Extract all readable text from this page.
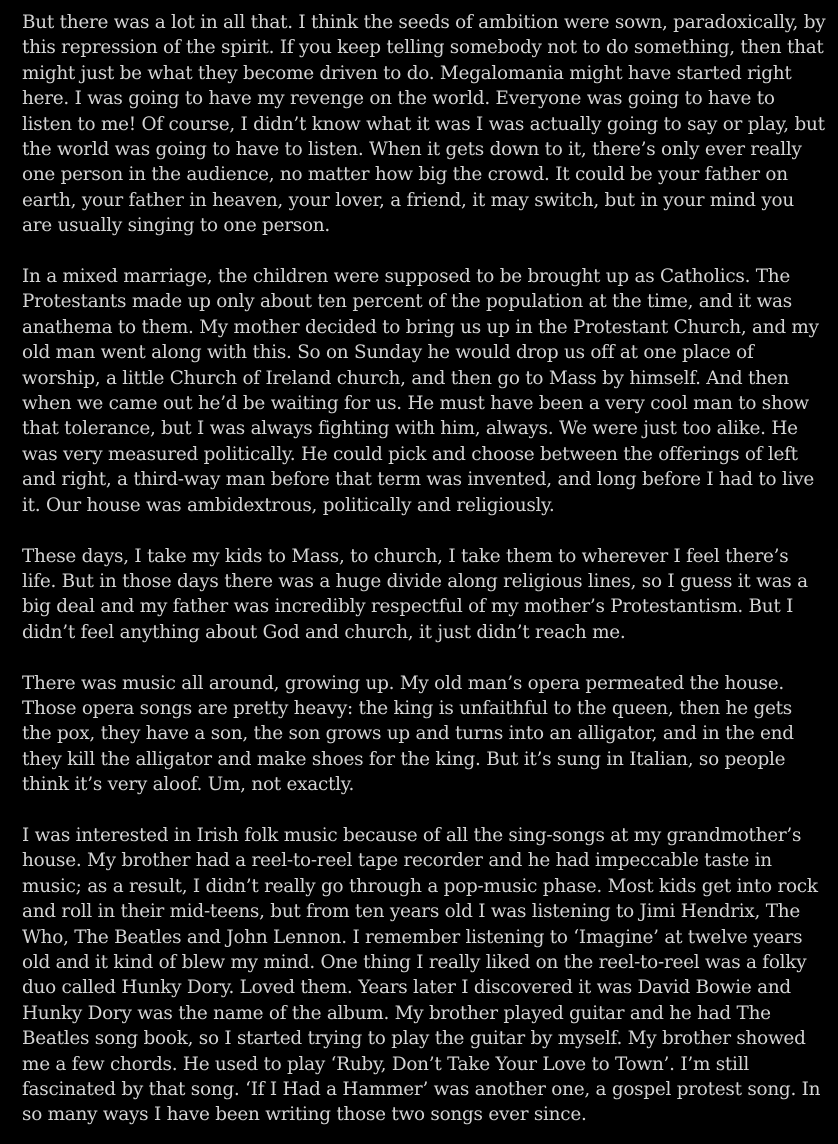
But there was a lot in all that. I think the seeds of ambition were sown, paradoxically, by this repression of the spirit. If you keep telling somebody not to do something, then that might just be what they become driven to do. Megalomania might have started right here. I was going to have my revenge on the world. Everyone was going to have to listen to me! Of course, I didn’t know what it was I was actually going to say or play, but the world was going to have to listen. When it gets down to it, there’s only ever really one person in the audience, no matter how big the crowd. It could be your father on earth, your father in heaven, your lover, a friend, it may switch, but in your mind you are usually singing to one person.

In a mixed marriage, the children were supposed to be brought up as Catholics. The Protestants made up only about ten percent of the population at the time, and it was anathema to them. My mother decided to bring us up in the Protestant Church, and my old man went along with this. So on Sunday he would drop us off at one place of worship, a little Church of Ireland church, and then go to Mass by himself. And then when we came out he’d be waiting for us. He must have been a very cool man to show that tolerance, but I was always fighting with him, always. We were just too alike. He was very measured politically. He could pick and choose between the offerings of left and right, a third-way man before that term was invented, and long before I had to live it. Our house was ambidextrous, politically and religiously.

These days, I take my kids to Mass, to church, I take them to wherever I feel there’s life. But in those days there was a huge divide along religious lines, so I guess it was a big deal and my father was incredibly respectful of my mother’s Protestantism. But I didn’t feel anything about God and church, it just didn’t reach me.

There was music all around, growing up. My old man’s opera permeated the house. Those opera songs are pretty heavy: the king is unfaithful to the queen, then he gets the pox, they have a son, the son grows up and turns into an alligator, and in the end they kill the alligator and make shoes for the king. But it’s sung in Italian, so people think it’s very aloof. Um, not exactly.

I was interested in Irish folk music because of all the sing-songs at my grandmother’s house. My brother had a reel-to-reel tape recorder and he had impeccable taste in music; as a result, I didn’t really go through a pop-music phase. Most kids get into rock and roll in their mid-teens, but from ten years old I was listening to Jimi Hendrix, The Who, The Beatles and John Lennon. I remember listening to ‘Imagine’ at twelve years old and it kind of blew my mind. One thing I really liked on the reel-to-reel was a folky duo called Hunky Dory. Loved them. Years later I discovered it was David Bowie and Hunky Dory was the name of the album. My brother played guitar and he had The Beatles song book, so I started trying to play the guitar by myself. My brother showed me a few chords. He used to play ‘Ruby, Don’t Take Your Love to Town’. I’m still fascinated by that song. ‘If I Had a Hammer’ was another one, a gospel protest song. In so many ways I have been writing those two songs ever since.
